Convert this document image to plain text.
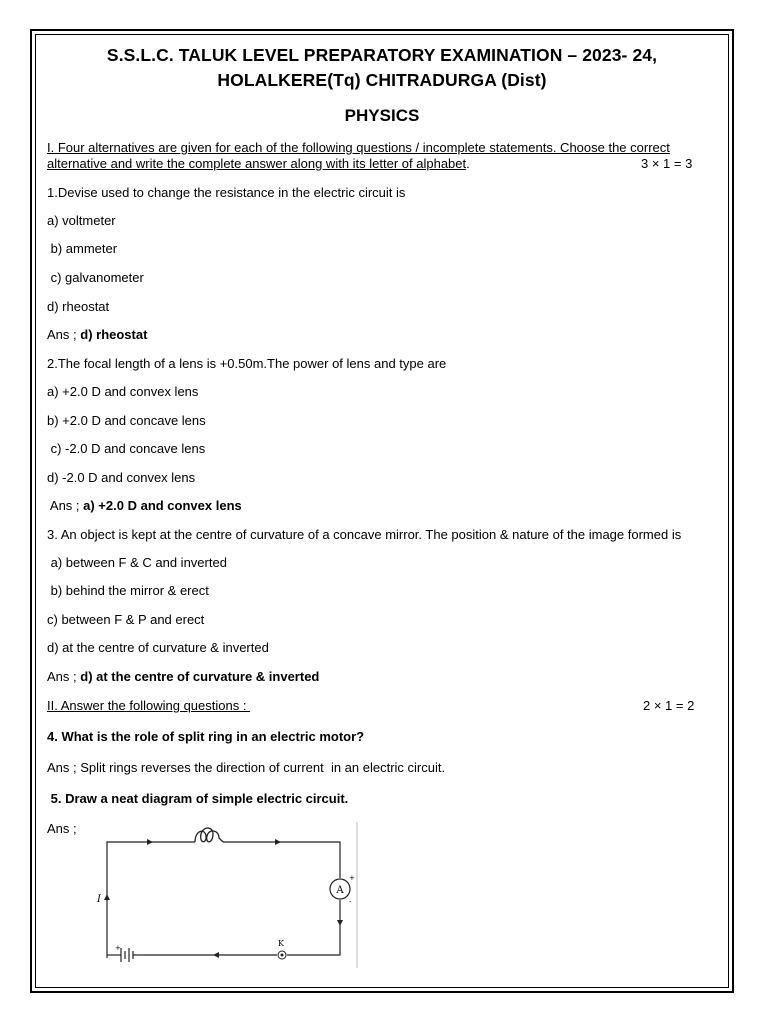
S.S.L.C. TALUK LEVEL PREPARATORY EXAMINATION – 2023- 24,
HOLALKERE(Tq) CHITRADURGA (Dist)
PHYSICS
I. Four alternatives are given for each of the following questions / incomplete statements. Choose the correct
alternative and write the complete answer along with its letter of alphabet.	3 × 1 = 3
1.Devise used to change the resistance in the electric circuit is
a) voltmeter
b) ammeter
c) galvanometer
d) rheostat
Ans ; d) rheostat
2.The focal length of a lens is +0.50m.The power of lens and type are
a) +2.0 D and convex lens
b) +2.0 D and concave lens
c) -2.0 D and concave lens
d) -2.0 D and convex lens
Ans ; a) +2.0 D and convex lens
3. An object is kept at the centre of curvature of a concave mirror. The position & nature of the image formed is
a) between F & C and inverted
b) behind the mirror & erect
c) between F & P and erect
d) at the centre of curvature & inverted
Ans ; d) at the centre of curvature & inverted
II. Answer the following questions :	2 × 1 = 2
4. What is the role of split ring in an electric motor?
Ans ; Split rings reverses the direction of current  in an electric circuit.
5. Draw a neat diagram of simple electric circuit.
Ans ;
A
+
-
I
+	K
